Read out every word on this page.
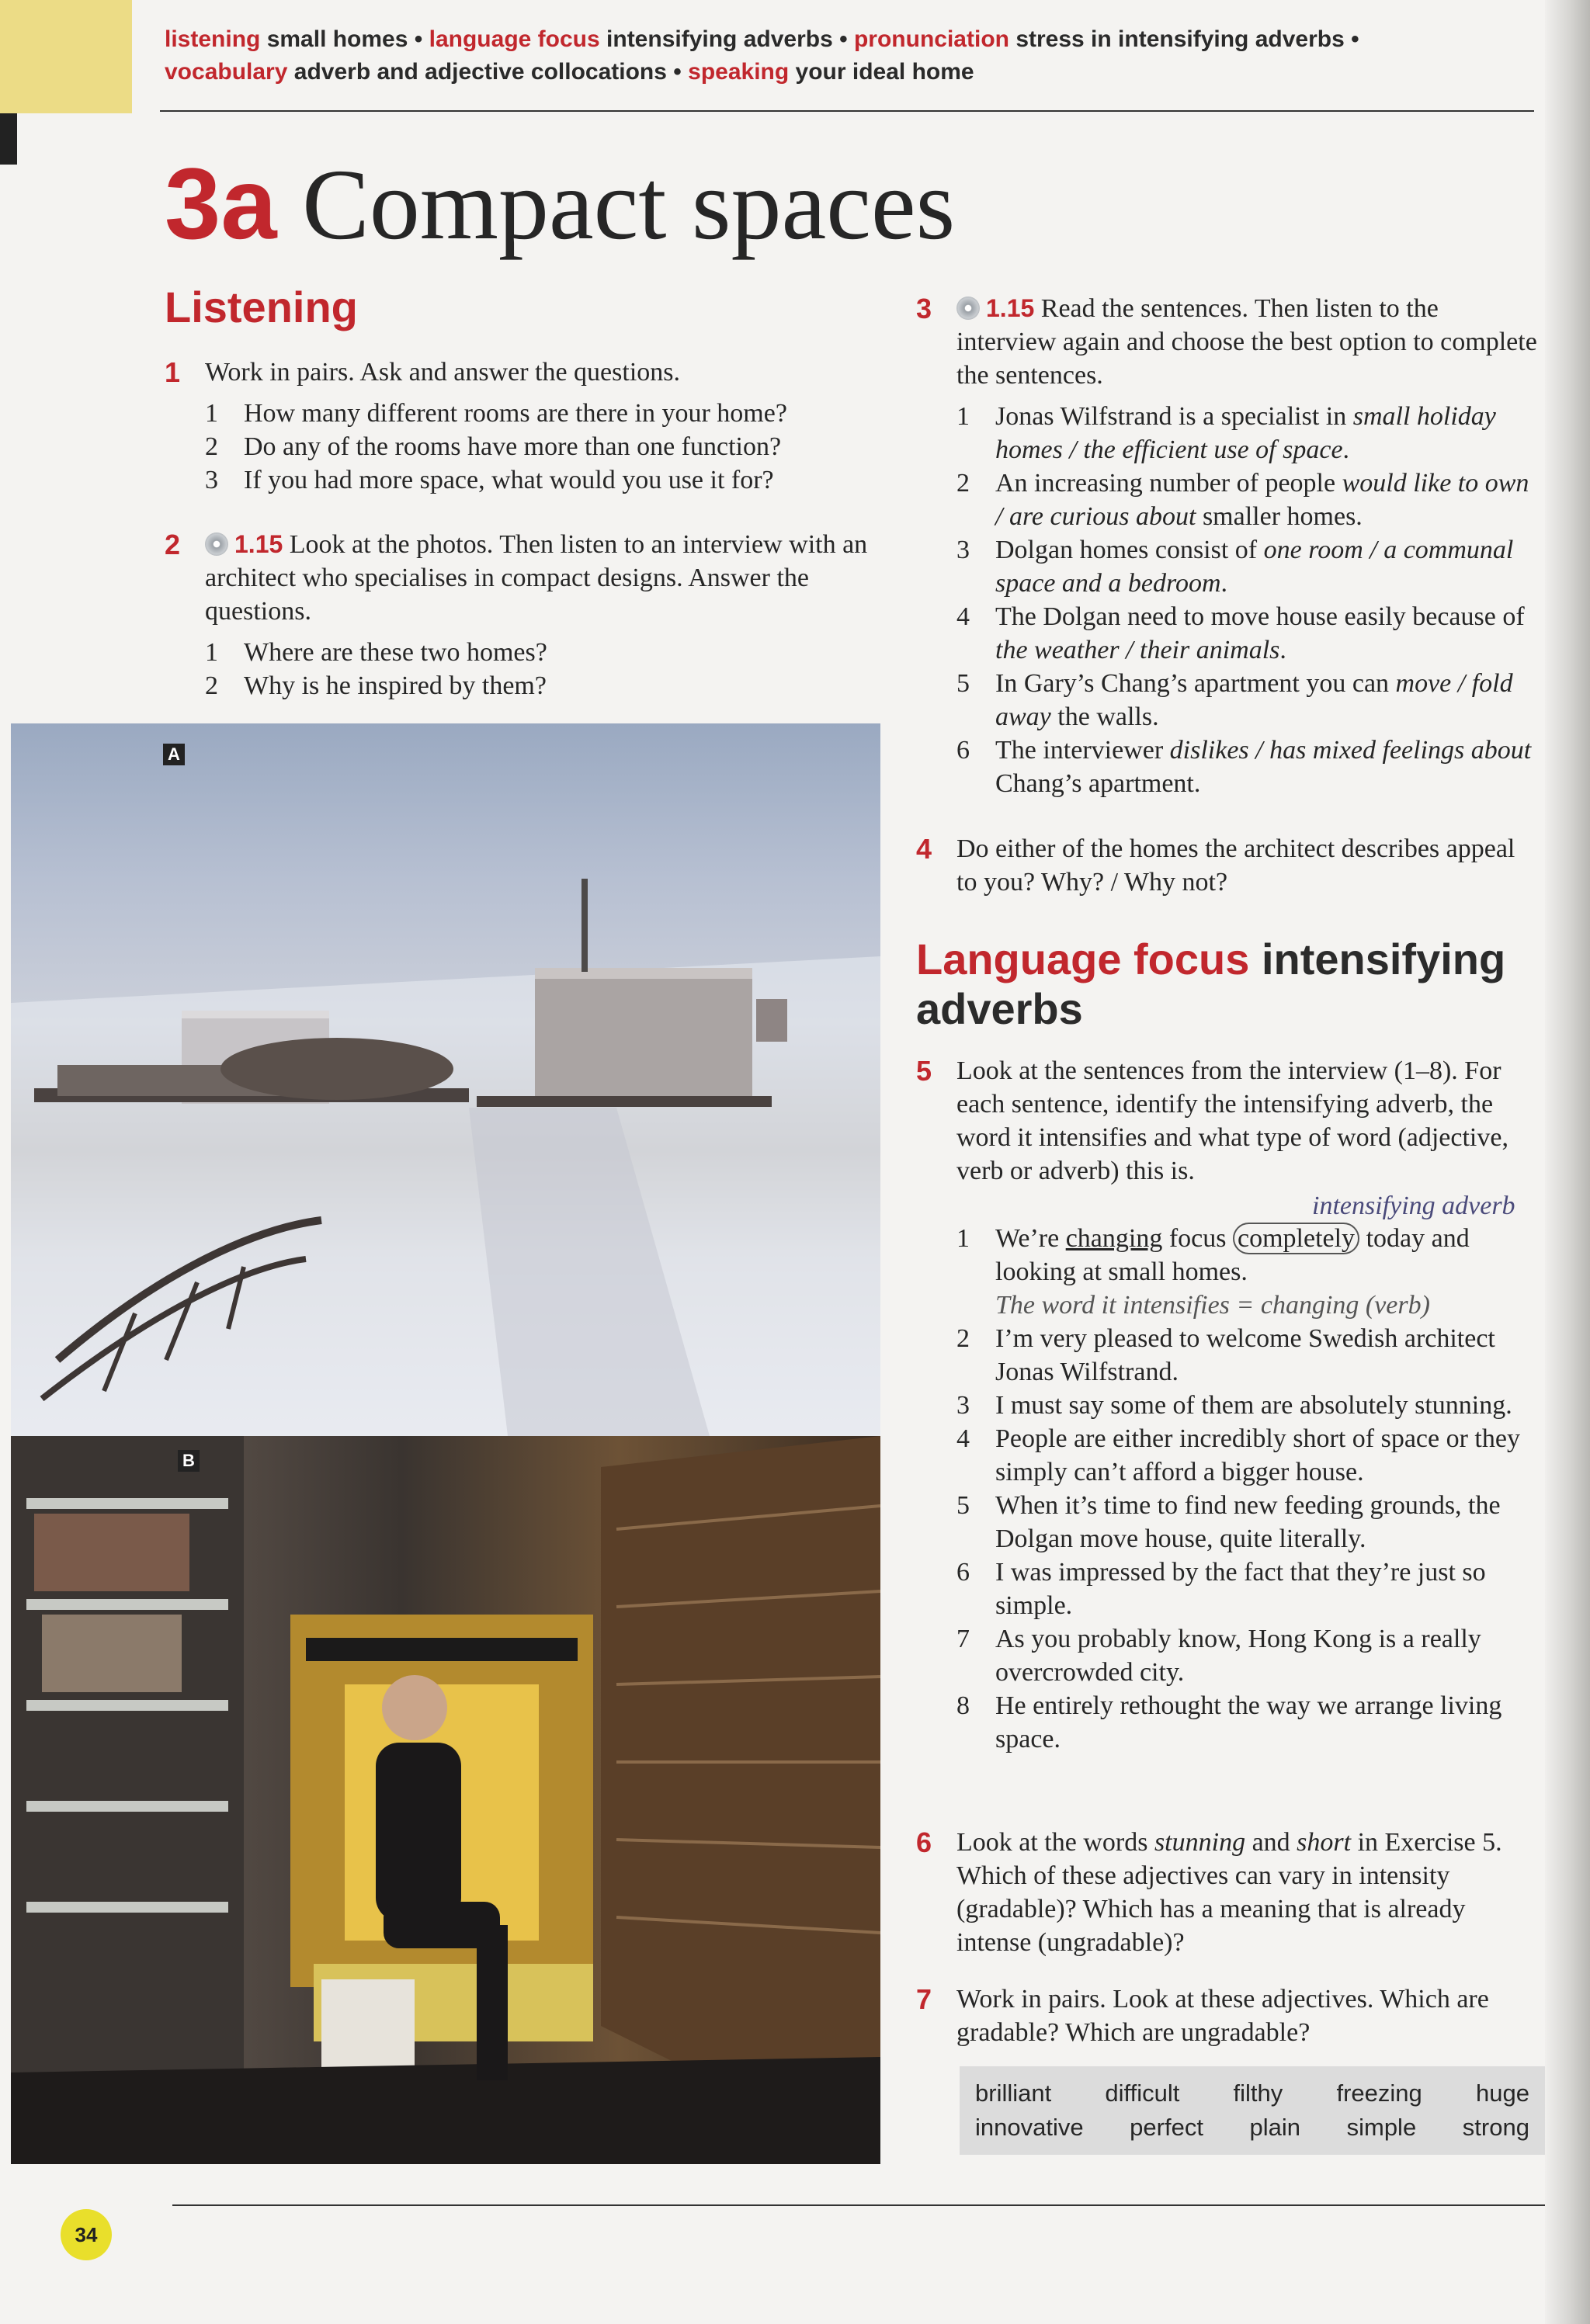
listening small homes • language focus intensifying adverbs • pronunciation stress in intensifying adverbs •
vocabulary adverb and adjective collocations • speaking your ideal home
3a Compact spaces
Listening
1 Work in pairs. Ask and answer the questions.
1 How many different rooms are there in your home?
2 Do any of the rooms have more than one function?
3 If you had more space, what would you use it for?
2	1.15 Look at the photos. Then listen to an interview with an architect who specialises in compact designs. Answer the questions.
1 Where are these two homes?
2 Why is he inspired by them?
A
B
3	1.15 Read the sentences. Then listen to the interview again and choose the best option to complete the sentences.
1 Jonas Wilfstrand is a specialist in small holiday homes / the efficient use of space.
2 An increasing number of people would like to own / are curious about smaller homes.
3 Dolgan homes consist of one room / a communal space and a bedroom.
4 The Dolgan need to move house easily because of the weather / their animals.
5 In Gary’s Chang’s apartment you can move / fold away the walls.
6 The interviewer dislikes / has mixed feelings about Chang’s apartment.
4 Do either of the homes the architect describes appeal to you? Why? / Why not?
Language focus intensifying adverbs
5 Look at the sentences from the interview (1–8). For each sentence, identify the intensifying adverb, the word it intensifies and what type of word (adjective, verb or adverb) this is.
intensifying adverb
1 We’re changing focus completely today and looking at small homes.
The word it intensifies = changing (verb)
2 I’m very pleased to welcome Swedish architect Jonas Wilfstrand.
3 I must say some of them are absolutely stunning.
4 People are either incredibly short of space or they simply can’t afford a bigger house.
5 When it’s time to find new feeding grounds, the Dolgan move house, quite literally.
6 I was impressed by the fact that they’re just so simple.
7 As you probably know, Hong Kong is a really overcrowded city.
8 He entirely rethought the way we arrange living space.
6 Look at the words stunning and short in Exercise 5. Which of these adjectives can vary in intensity (gradable)? Which has a meaning that is already intense (ungradable)?
7 Work in pairs. Look at these adjectives. Which are gradable? Which are ungradable?
brilliant difficult filthy freezing huge
innovative perfect plain simple strong
34
